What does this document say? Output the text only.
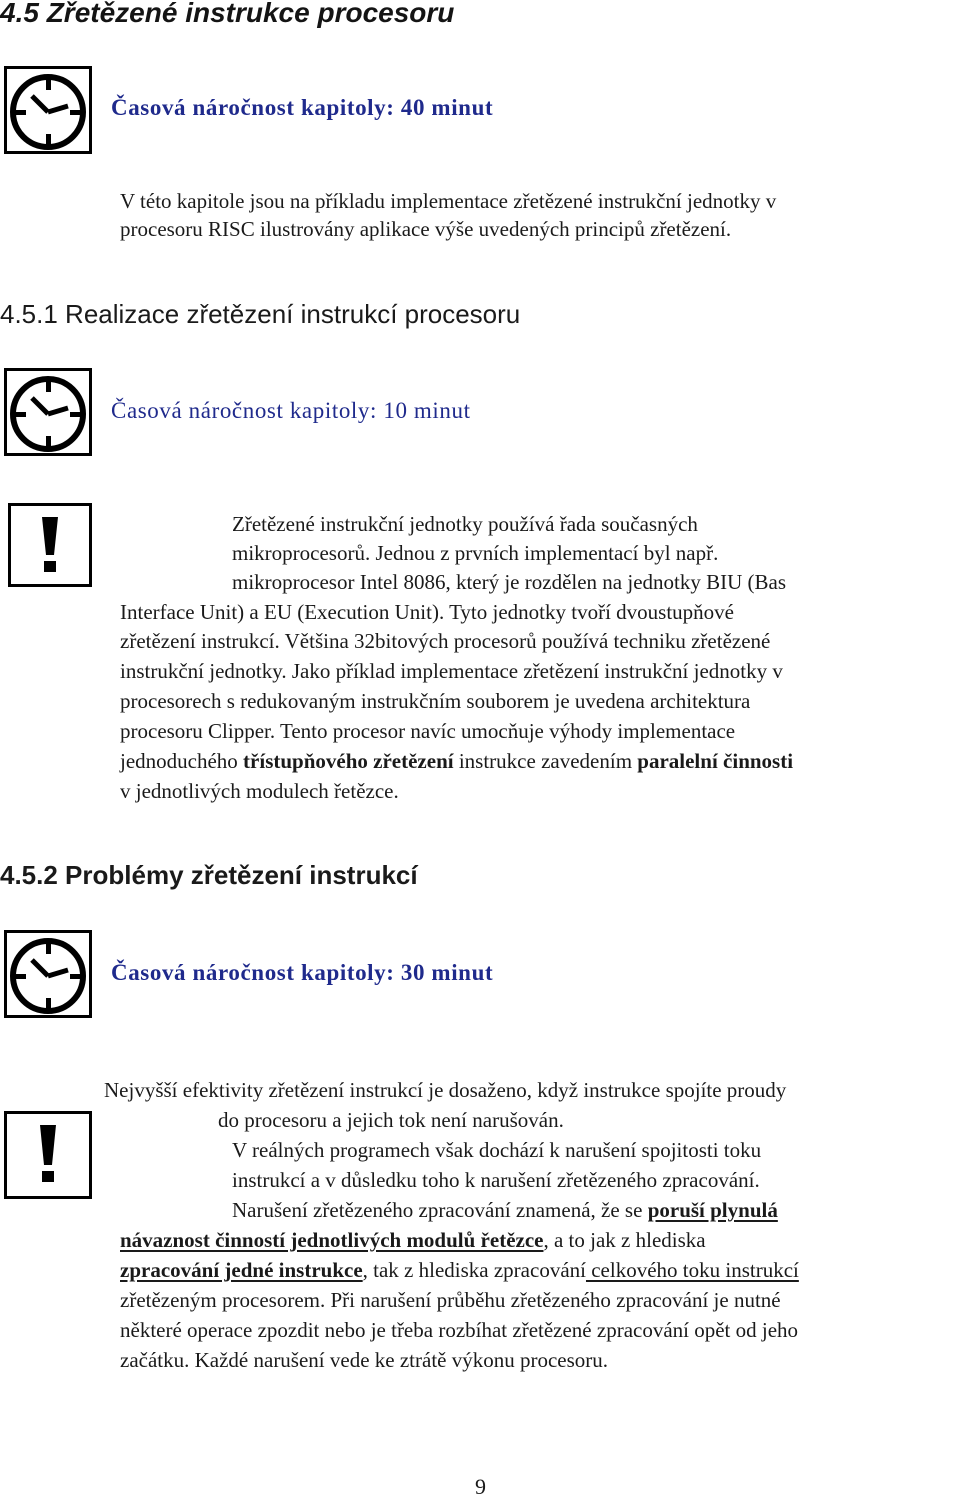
4.5 Zřetězené instrukce procesoru
Časová náročnost kapitoly: 40 minut
V této kapitole jsou na příkladu implementace zřetězené instrukční jednotky v
procesoru RISC ilustrovány aplikace výše uvedených principů zřetězení.
4.5.1 Realizace zřetězení instrukcí procesoru
Časová náročnost kapitoly: 10 minut
Zřetězené instrukční jednotky používá řada současných
mikroprocesorů. Jednou z prvních implementací byl např.
mikroprocesor Intel 8086, který je rozdělen na jednotky BIU (Bas
Interface Unit) a EU (Execution Unit). Tyto jednotky tvoří dvoustupňové
zřetězení instrukcí. Většina 32bitových procesorů používá techniku zřetězené
instrukční jednotky. Jako příklad implementace zřetězení instrukční jednotky v
procesorech s redukovaným instrukčním souborem je uvedena architektura
procesoru Clipper. Tento procesor navíc umocňuje výhody implementace
jednoduchého třístupňového zřetězení instrukce zavedením paralelní činnosti
v jednotlivých modulech řetězce.
4.5.2 Problémy zřetězení instrukcí
Časová náročnost kapitoly: 30 minut
Nejvyšší efektivity zřetězení instrukcí je dosaženo, když instrukce spojíte proudy
do procesoru a jejich tok není narušován.
V reálných programech však dochází k narušení spojitosti toku
instrukcí a v důsledku toho k narušení zřetězeného zpracování.
Narušení zřetězeného zpracování znamená, že se poruší plynulá
návaznost činností jednotlivých modulů řetězce, a to jak z hlediska
zpracování jedné instrukce, tak z hlediska zpracování celkového toku instrukcí
zřetězeným procesorem. Při narušení průběhu zřetězeného zpracování je nutné
některé operace zpozdit nebo je třeba rozbíhat zřetězené zpracování opět od jeho
začátku. Každé narušení vede ke ztrátě výkonu procesoru.
9
